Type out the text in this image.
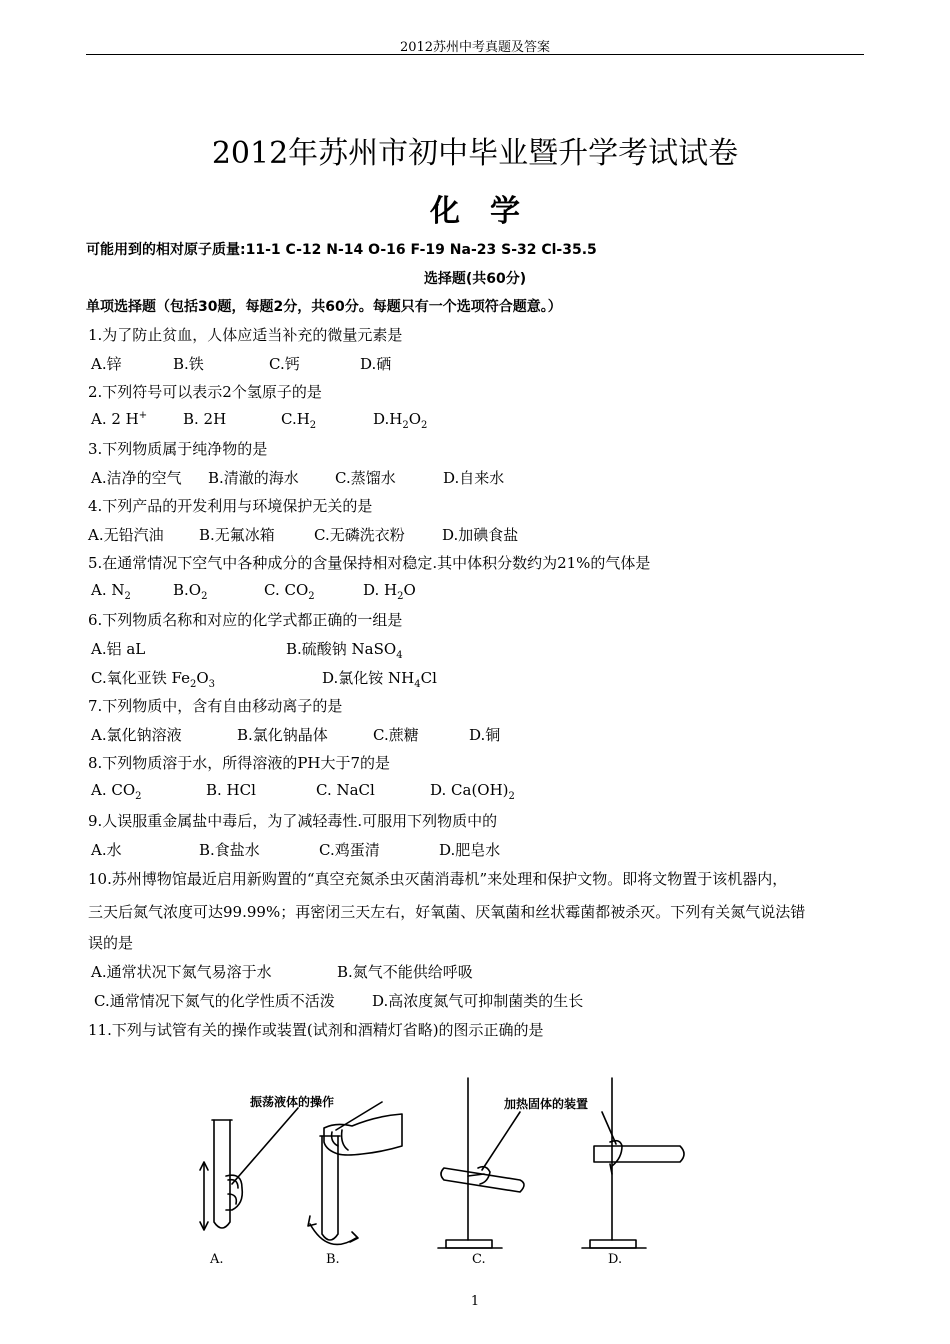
2012苏州中考真题及答案
2012年苏州市初中毕业暨升学考试试卷
化学
可能用到的相对原子质量:11-1 C-12 N-14 O-16 F-19 Na-23 S-32 Cl-35.5
选择题(共60分)
单项选择题（包括30题，每题2分，共60分。每题只有一个选项符合题意。）
1.为了防止贫血，人体应适当补充的微量元素是
A.锌	B.铁	C.钙	D.硒
2.下列符号可以表示2个氢原子的是
A. 2 H+ B. 2H	$C.H_2$	$D.H_2O_2$
3.下列物质属于纯净物的是
A.洁净的空气 B.清澈的海水 C.蒸馏水	D.自来水
4.下列产品的开发利用与环境保护无关的是
A.无铅汽油 B.无氟冰箱	C.无磷洗衣粉 D.加碘食盐
5.在通常情况下空气中各种成分的含量保持相对稳定.其中体积分数约为21%的气体是
A. $N_2$	$B.O_2$	C. $CO_2$	D. $H_2O$
6.下列物质名称和对应的化学式都正确的一组是
A.铝 aL	B.硫酸钠 NaSO$_4$
C.氧化亚铁 $Fe_2O_3$	D.氯化铵 $NH_4Cl$
7.下列物质中，含有自由移动离子的是
A.氯化钠溶液	B.氯化钠晶体	C.蔗糖	D.铜
8.下列物质溶于水，所得溶液的PH大于7的是
A. $CO_2$	B. HCl	C. NaCl	D. $Ca(OH)_2$
9.人误服重金属盐中毒后，为了减轻毒性.可服用下列物质中的
A.水	B.食盐水	C.鸡蛋清	D.肥皂水
10.苏州博物馆最近启用新购置的“真空充氮杀虫灭菌消毒机”来处理和保护文物。即将文物置于该机器内，
三天后氮气浓度可达99.99%；再密闭三天左右，好氧菌、厌氧菌和丝状霉菌都被杀灭。下列有关氮气说法错
误的是
A.通常状况下氮气易溶于水	B.氮气不能供给呼吸
C.通常情况下氮气的化学性质不活泼 D.高浓度氮气可抑制菌类的生长
11.下列与试管有关的操作或装置(试剂和酒精灯省略)的图示正确的是
振荡液体的操作	加热固体的装置
A.	B.	C.	D.
1
